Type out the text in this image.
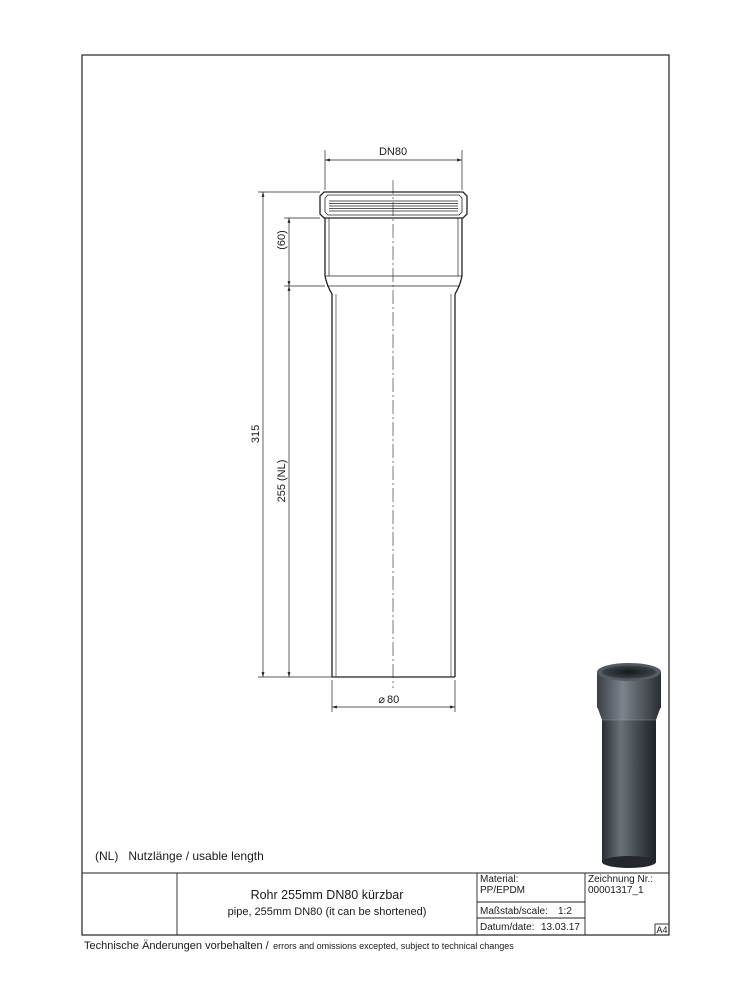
DN80
(60)
315
255 (NL)
⌀ 80
(NL)   Nutzlänge / usable length
Rohr 255mm DN80 kürzbar
pipe, 255mm DN80 (it can be shortened)
Material:
PP/EPDM
Maßstab/scale: 1:2
Datum/date: 13.03.17
Zeichnung Nr.:
00001317_1
A4
Technische Änderungen vorbehalten / errors and omissions excepted, subject to technical changes
